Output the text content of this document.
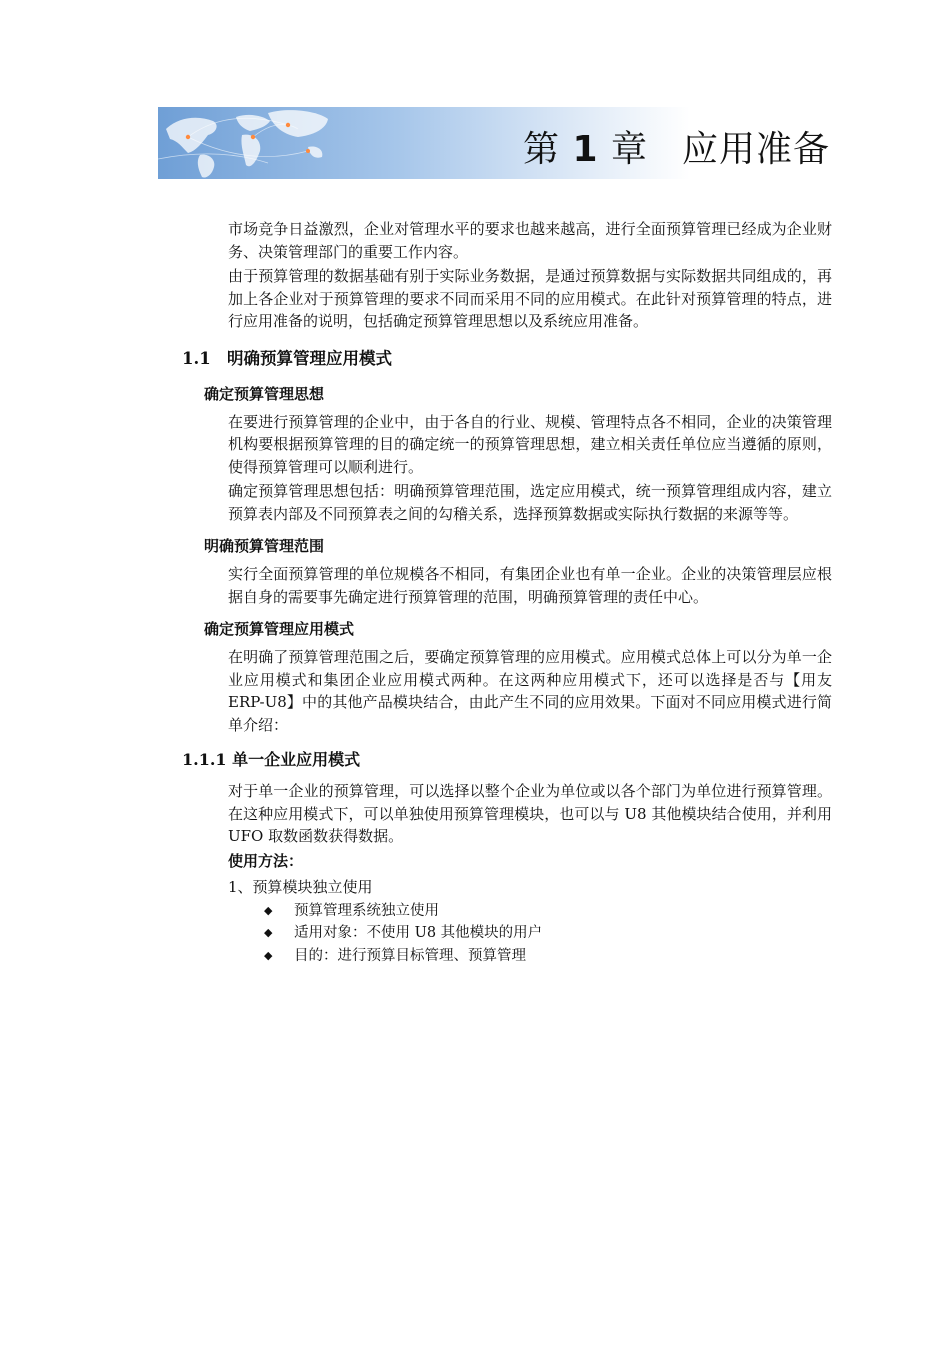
第 1 章 应用准备

市场竞争日益激烈，企业对管理水平的要求也越来越高，进行全面预算管理已经成为企业财务、决策管理部门的重要工作内容。

由于预算管理的数据基础有别于实际业务数据，是通过预算数据与实际数据共同组成的，再加上各企业对于预算管理的要求不同而采用不同的应用模式。在此针对预算管理的特点，进行应用准备的说明，包括确定预算管理思想以及系统应用准备。

1.1 明确预算管理应用模式
确定预算管理思想

在要进行预算管理的企业中，由于各自的行业、规模、管理特点各不相同，企业的决策管理机构要根据预算管理的目的确定统一的预算管理思想，建立相关责任单位应当遵循的原则，使得预算管理可以顺利进行。

确定预算管理思想包括：明确预算管理范围，选定应用模式，统一预算管理组成内容，建立预算表内部及不同预算表之间的勾稽关系，选择预算数据或实际执行数据的来源等等。

明确预算管理范围

实行全面预算管理的单位规模各不相同，有集团企业也有单一企业。企业的决策管理层应根据自身的需要事先确定进行预算管理的范围，明确预算管理的责任中心。

确定预算管理应用模式

在明确了预算管理范围之后，要确定预算管理的应用模式。应用模式总体上可以分为单一企业应用模式和集团企业应用模式两种。在这两种应用模式下，还可以选择是否与【用友 ERP-U8】中的其他产品模块结合，由此产生不同的应用效果。下面对不同应用模式进行简单介绍：

1.1.1 单一企业应用模式

对于单一企业的预算管理，可以选择以整个企业为单位或以各个部门为单位进行预算管理。在这种应用模式下，可以单独使用预算管理模块，也可以与 U8 其他模块结合使用，并利用 UFO 取数函数获得数据。

使用方法：
1、预算模块独立使用
◆ 预算管理系统独立使用
◆ 适用对象：不使用 U8 其他模块的用户
◆ 目的：进行预算目标管理、预算管理
